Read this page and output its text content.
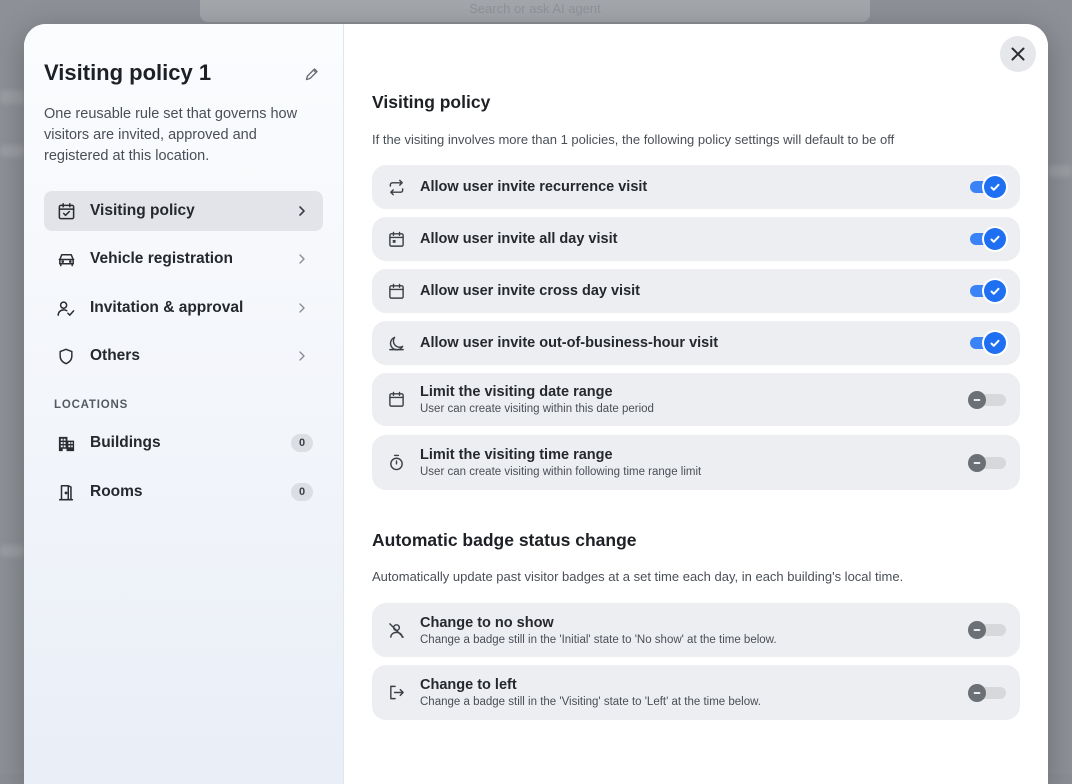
Search or ask AI agent
Visiting policy 1
One reusable rule set that governs how visitors are invited, approved and registered at this location.
Visiting policy
Vehicle registration
Invitation & approval
Others
LOCATIONS
Buildings	0
Rooms	0
Visiting policy
If the visiting involves more than 1 policies, the following policy settings will default to be off
Allow user invite recurrence visit
Allow user invite all day visit
Allow user invite cross day visit
Allow user invite out-of-business-hour visit
Limit the visiting date range
User can create visiting within this date period
Limit the visiting time range
User can create visiting within following time range limit
Automatic badge status change
Automatically update past visitor badges at a set time each day, in each building's local time.
Change to no show
Change a badge still in the 'Initial' state to 'No show' at the time below.
Change to left
Change a badge still in the 'Visiting' state to 'Left' at the time below.
